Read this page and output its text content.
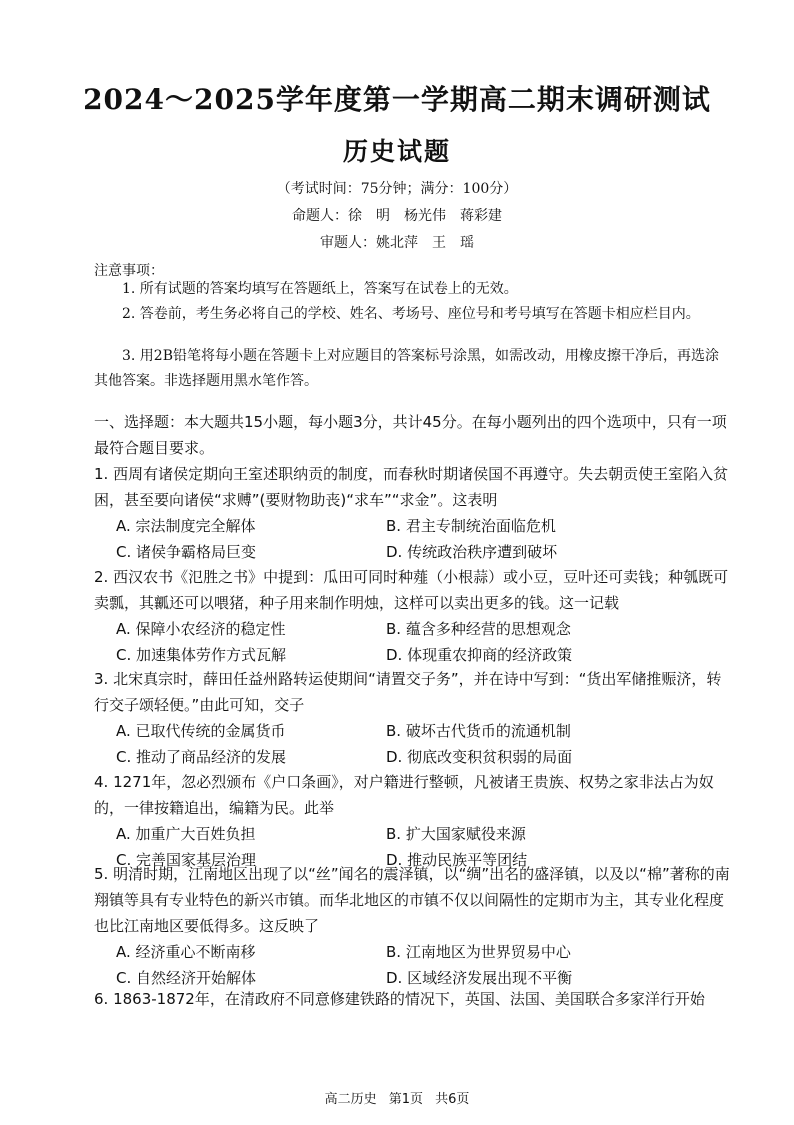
2024～2025学年度第一学期高二期末调研测试
历史试题
（考试时间：75分钟；满分：100分）
命题人：徐　明　杨光伟　蒋彩建
审题人：姚北萍　王　瑶
注意事项：
1. 所有试题的答案均填写在答题纸上，答案写在试卷上的无效。
2. 答卷前，考生务必将自己的学校、姓名、考场号、座位号和考号填写在答题卡相应栏目内。
3. 用2B铅笔将每小题在答题卡上对应题目的答案标号涂黑，如需改动，用橡皮擦干净后，再选涂其他答案。非选择题用黑水笔作答。
一、选择题：本大题共15小题，每小题3分，共计45分。在每小题列出的四个选项中，只有一项最符合题目要求。
1. 西周有诸侯定期向王室述职纳贡的制度，而春秋时期诸侯国不再遵守。失去朝贡使王室陷入贫困，甚至要向诸侯“求赙”(要财物助丧)“求车”“求金”。这表明
A. 宗法制度完全解体	B. 君主专制统治面临危机
C. 诸侯争霸格局巨变	D. 传统政治秩序遭到破坏
2. 西汉农书《氾胜之书》中提到：瓜田可同时种薤（小根蒜）或小豆，豆叶还可卖钱；种瓠既可卖瓢，其瓤还可以喂猪，种子用来制作明烛，这样可以卖出更多的钱。这一记载
A. 保障小农经济的稳定性	B. 蕴含多种经营的思想观念
C. 加速集体劳作方式瓦解	D. 体现重农抑商的经济政策
3. 北宋真宗时，薛田任益州路转运使期间“请置交子务”，并在诗中写到：“货出军储推赈济，转行交子颂轻便。”由此可知，交子
A. 已取代传统的金属货币	B. 破坏古代货币的流通机制
C. 推动了商品经济的发展	D. 彻底改变积贫积弱的局面
4. 1271年，忽必烈颁布《户口条画》，对户籍进行整顿，凡被诸王贵族、权势之家非法占为奴的，一律按籍追出，编籍为民。此举
A. 加重广大百姓负担	B. 扩大国家赋役来源
C. 完善国家基层治理	D. 推动民族平等团结
5. 明清时期，江南地区出现了以“丝”闻名的震泽镇，以“绸”出名的盛泽镇，以及以“棉”著称的南翔镇等具有专业特色的新兴市镇。而华北地区的市镇不仅以间隔性的定期市为主，其专业化程度也比江南地区要低得多。这反映了
A. 经济重心不断南移	B. 江南地区为世界贸易中心
C. 自然经济开始解体	D. 区域经济发展出现不平衡
6. 1863-1872年，在清政府不同意修建铁路的情况下，英国、法国、美国联合多家洋行开始
高二历史 第1页 共6页
